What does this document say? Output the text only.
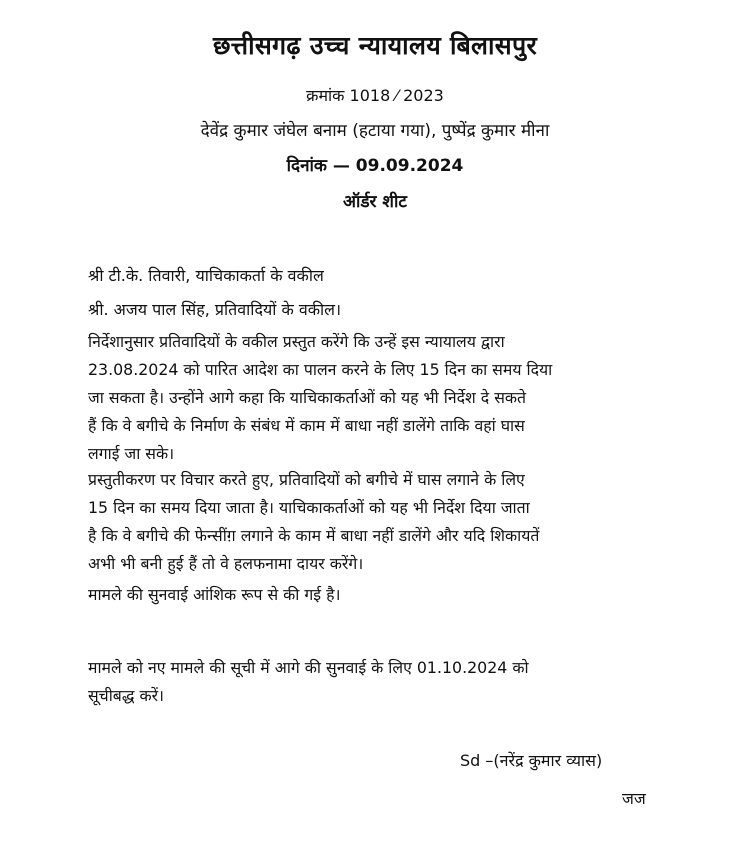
छत्तीसगढ़ उच्च न्यायालय बिलासपुर
क्रमांक 1018 ⁄ 2023
देवेंद्र कुमार जंघेल बनाम (हटाया गया), पुष्पेंद्र कुमार मीना
दिनांक — 09.09.2024
ऑर्डर शीट
श्री टी.के. तिवारी, याचिकाकर्ता के वकील
श्री. अजय पाल सिंह, प्रतिवादियों के वकील।
निर्देशानुसार प्रतिवादियों के वकील प्रस्तुत करेंगे कि उन्हें इस न्यायालय द्वारा
23.08.2024 को पारित आदेश का पालन करने के लिए 15 दिन का समय दिया
जा सकता है। उन्होंने आगे कहा कि याचिकाकर्ताओं को यह भी निर्देश दे सकते
हैं कि वे बगीचे के निर्माण के संबंध में काम में बाधा नहीं डालेंगे ताकि वहां घास
लगाई जा सके।
प्रस्तुतीकरण पर विचार करते हुए, प्रतिवादियों को बगीचे में घास लगाने के लिए
15 दिन का समय दिया जाता है। याचिकाकर्ताओं को यह भी निर्देश दिया जाता
है कि वे बगीचे की फेन्सींग़ लगाने के काम में बाधा नहीं डालेंगे और यदि शिकायतें
अभी भी बनी हुई हैं तो वे हलफनामा दायर करेंगे।
मामले की सुनवाई आंशिक रूप से की गई है।
मामले को नए मामले की सूची में आगे की सुनवाई के लिए 01.10.2024 को
सूचीबद्ध करें।
Sd –(नरेंद्र कुमार व्यास)
जज
